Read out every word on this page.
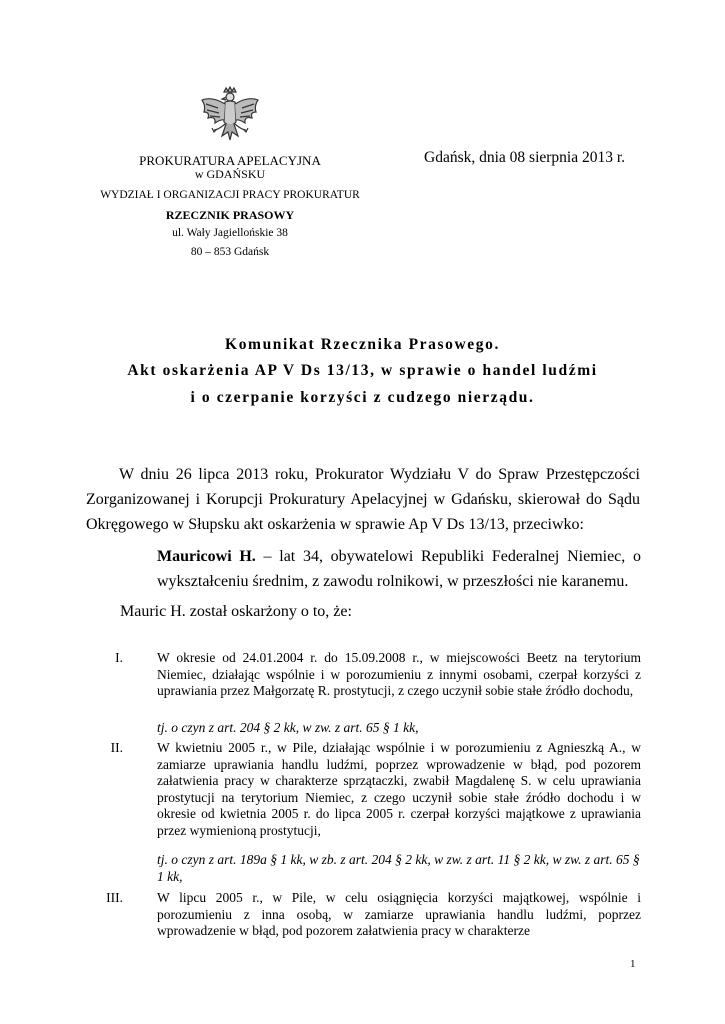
PROKURATURA APELACYJNA
w GDAŃSKU
WYDZIAŁ I ORGANIZACJI PRACY PROKURATUR
RZECZNIK PRASOWY
ul. Wały Jagiellońskie 38
80 – 853 Gdańsk
Gdańsk, dnia 08 sierpnia 2013 r.
Komunikat Rzecznika Prasowego.
Akt oskarżenia AP V Ds 13/13, w sprawie o handel ludźmi
i o czerpanie korzyści z cudzego nierządu.
W dniu 26 lipca 2013 roku, Prokurator Wydziału V do Spraw Przestępczości Zorganizowanej i Korupcji Prokuratury Apelacyjnej w Gdańsku, skierował do Sądu Okręgowego w Słupsku akt oskarżenia w sprawie Ap V Ds 13/13, przeciwko:
Mauricowi H. – lat 34, obywatelowi Republiki Federalnej Niemiec, o wykształceniu średnim, z zawodu rolnikowi, w przeszłości nie karanemu.
Mauric H. został oskarżony o to, że:
I.	W okresie od 24.01.2004 r. do 15.09.2008 r., w miejscowości Beetz na terytorium Niemiec, działając wspólnie i w porozumieniu z innymi osobami, czerpał korzyści z uprawiania przez Małgorzatę R. prostytucji, z czego uczynił sobie stałe źródło dochodu,
tj. o czyn z art. 204 § 2 kk, w zw. z art. 65 § 1 kk,
II.	W kwietniu 2005 r., w Pile, działając wspólnie i w porozumieniu z Agnieszką A., w zamiarze uprawiania handlu ludźmi, poprzez wprowadzenie w błąd, pod pozorem załatwienia pracy w charakterze sprzątaczki, zwabił Magdalenę S. w celu uprawiania prostytucji na terytorium Niemiec, z czego uczynił sobie stałe źródło dochodu i w okresie od kwietnia 2005 r. do lipca 2005 r. czerpał korzyści majątkowe z uprawiania przez wymienioną prostytucji,
tj. o czyn z art. 189a § 1 kk, w zb. z art. 204 § 2 kk, w zw. z art. 11 § 2 kk, w zw. z art. 65 § 1 kk,
III.	W lipcu 2005 r., w Pile, w celu osiągnięcia korzyści majątkowej, wspólnie i porozumieniu z inna osobą, w zamiarze uprawiania handlu ludźmi, poprzez wprowadzenie w błąd, pod pozorem załatwienia pracy w charakterze
1
